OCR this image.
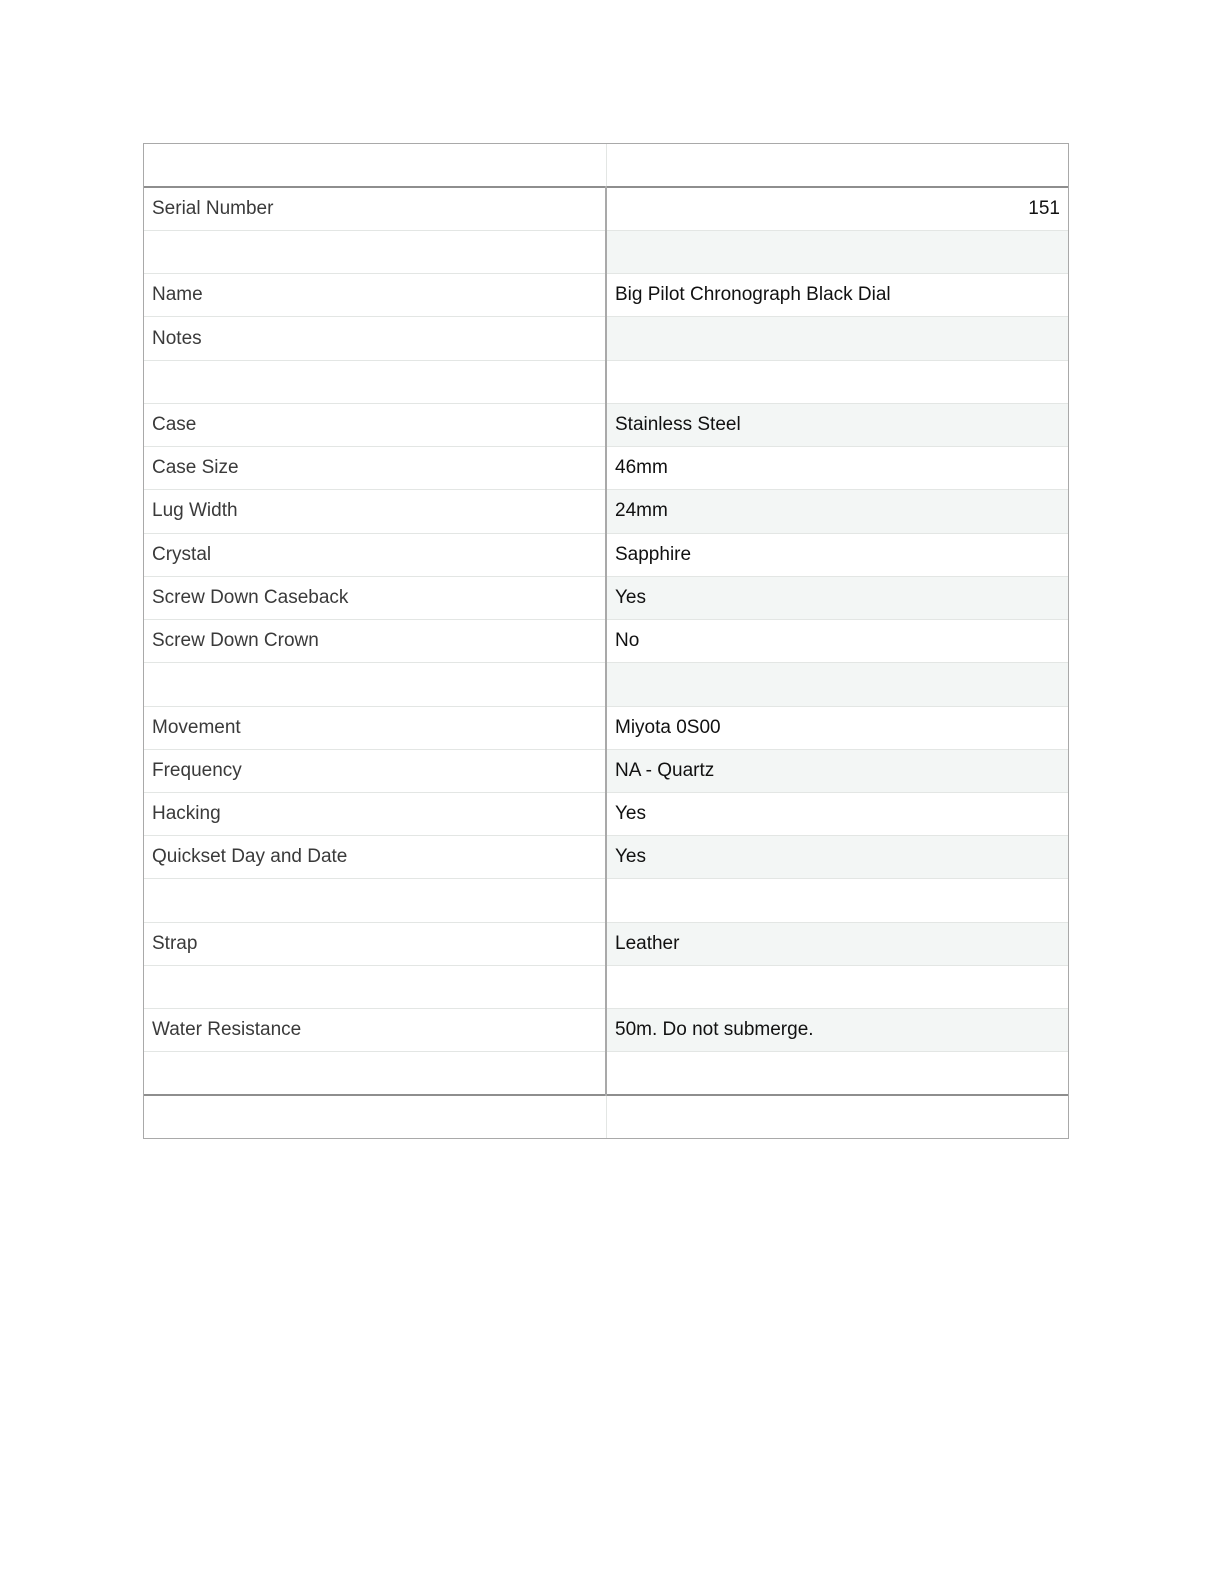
Serial Number	151

Name	Big Pilot Chronograph Black Dial
Notes	

Case	Stainless Steel
Case Size	46mm
Lug Width	24mm
Crystal	Sapphire
Screw Down Caseback	Yes
Screw Down Crown	No

Movement	Miyota 0S00
Frequency	NA - Quartz
Hacking	Yes
Quickset Day and Date	Yes

Strap	Leather

Water Resistance	50m. Do not submerge.
